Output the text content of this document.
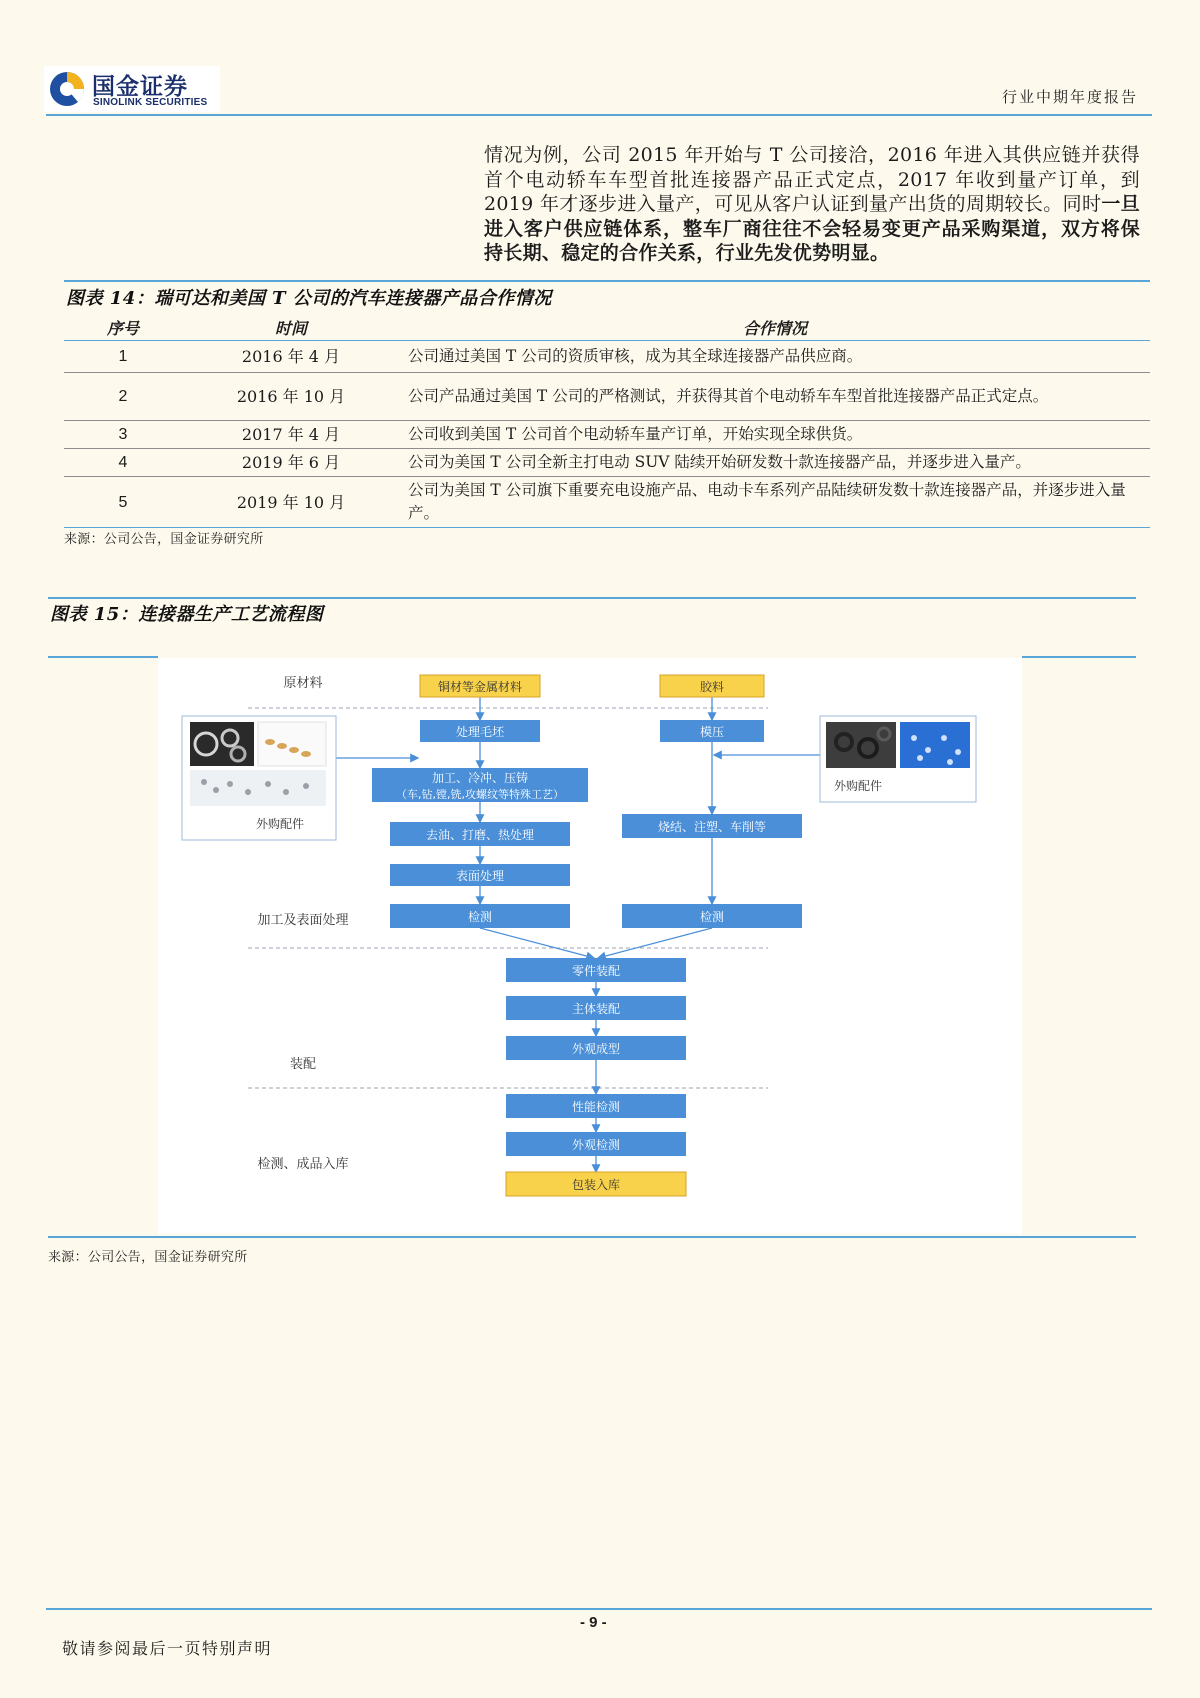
国金证券
SINOLINK SECURITIES	行业中期年度报告
情况为例，公司 2015 年开始与 T 公司接洽，2016 年进入其供应链并获得首个电动轿车车型首批连接器产品正式定点，2017 年收到量产订单，到 2019 年才逐步进入量产，可见从客户认证到量产出货的周期较长。同时一旦进入客户供应链体系，整车厂商往往不会轻易变更产品采购渠道，双方将保持长期、稳定的合作关系，行业先发优势明显。
图表 14：瑞可达和美国 T 公司的汽车连接器产品合作情况
序号	时间	合作情况
1	2016 年 4 月	公司通过美国 T 公司的资质审核，成为其全球连接器产品供应商。
2	2016 年 10 月	公司产品通过美国 T 公司的严格测试，并获得其首个电动轿车车型首批连接器产品正式定点。
3	2017 年 4 月	公司收到美国 T 公司首个电动轿车量产订单，开始实现全球供货。
4	2019 年 6 月	公司为美国 T 公司全新主打电动 SUV 陆续开始研发数十款连接器产品，并逐步进入量产。
5	2019 年 10 月	公司为美国 T 公司旗下重要充电设施产品、电动卡车系列产品陆续研发数十款连接器产品，并逐步进入量产。
来源：公司公告，国金证券研究所
图表 15：连接器生产工艺流程图
原材料
加工及表面处理
装配
检测、成品入库
铜材等金属材料
处理毛坯
加工、冷冲、压铸
（车,钻,镗,铣,攻螺纹等特殊工艺）
去油、打磨、热处理
表面处理
检测
胶料
模压
烧结、注塑、车削等
检测
零件装配
主体装配
外观成型
性能检测
外观检测
包装入库
外购配件
外购配件
来源：公司公告，国金证券研究所
- 9 -
敬请参阅最后一页特别声明
